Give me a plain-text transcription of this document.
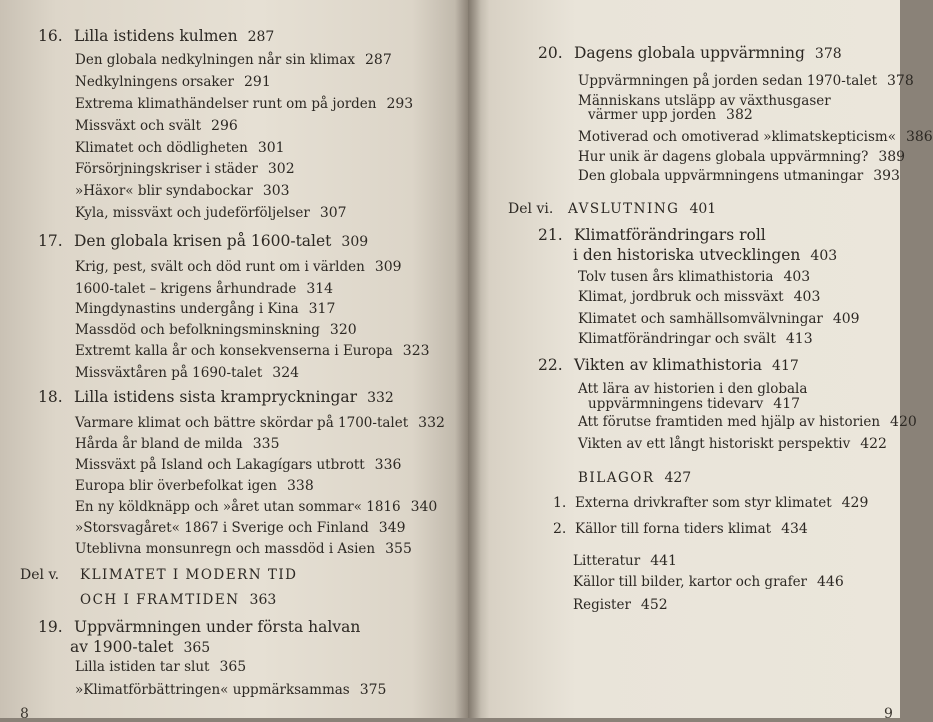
16. Lilla istidens kulmen 287
Den globala nedkylningen når sin klimax 287
Nedkylningens orsaker 291
Extrema klimathändelser runt om på jorden 293
Missväxt och svält 296
Klimatet och dödligheten 301
Försörjningskriser i städer 302
»Häxor« blir syndabockar 303
Kyla, missväxt och judeförföljelser 307
17. Den globala krisen på 1600-talet 309
Krig, pest, svält och död runt om i världen 309
1600-talet – krigens århundrade 314
Mingdynastins undergång i Kina 317
Massdöd och befolkningsminskning 320
Extremt kalla år och konsekvenserna i Europa 323
Missväxtåren på 1690-talet 324
18. Lilla istidens sista krampryckningar 332
Varmare klimat och bättre skördar på 1700-talet 332
Hårda år bland de milda 335
Missväxt på Island och Lakagígars utbrott 336
Europa blir överbefolkat igen 338
En ny köldknäpp och »året utan sommar« 1816 340
»Storsvagåret« 1867 i Sverige och Finland 349
Uteblivna monsunregn och massdöd i Asien 355
Del v. KLIMATET I MODERN TID
OCH I FRAMTIDEN 363
19. Uppvärmningen under första halvan
av 1900-talet 365
Lilla istiden tar slut 365
»Klimatförbättringen« uppmärksammas 375
20. Dagens globala uppvärmning 378
Uppvärmningen på jorden sedan 1970-talet 378
Människans utsläpp av växthusgaser
värmer upp jorden 382
Motiverad och omotiverad »klimatskepticism« 386
Hur unik är dagens globala uppvärmning? 389
Den globala uppvärmningens utmaningar 393
Del vi. AVSLUTNING 401
21. Klimatförändringars roll
i den historiska utvecklingen 403
Tolv tusen års klimathistoria 403
Klimat, jordbruk och missväxt 403
Klimatet och samhällsomvälvningar 409
Klimatförändringar och svält 413
22. Vikten av klimathistoria 417
Att lära av historien i den globala
uppvärmningens tidevarv 417
Att förutse framtiden med hjälp av historien 420
Vikten av ett långt historiskt perspektiv 422
BILAGOR 427
1. Externa drivkrafter som styr klimatet 429
2. Källor till forna tiders klimat 434
Litteratur 441
Källor till bilder, kartor och grafer 446
Register 452
8	9
